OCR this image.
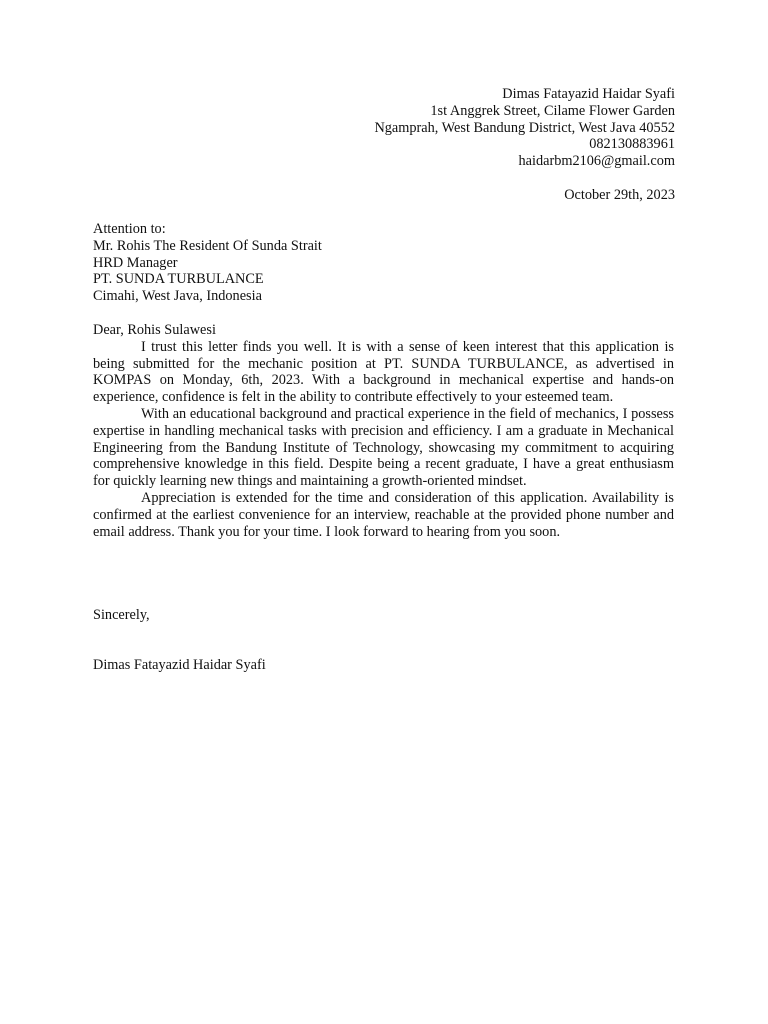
Dimas Fatayazid Haidar Syafi
1st Anggrek Street, Cilame Flower Garden
Ngamprah, West Bandung District, West Java 40552
082130883961
haidarbm2106@gmail.com
October 29th, 2023
Attention to:
Mr. Rohis The Resident Of Sunda Strait
HRD Manager
PT. SUNDA TURBULANCE
Cimahi, West Java, Indonesia
Dear, Rohis Sulawesi

I trust this letter finds you well. It is with a sense of keen interest that this application is being submitted for the mechanic position at PT. SUNDA TURBULANCE, as advertised in KOMPAS on Monday, 6th, 2023. With a background in mechanical expertise and hands-on experience, confidence is felt in the ability to contribute effectively to your esteemed team.

With an educational background and practical experience in the field of mechanics, I possess expertise in handling mechanical tasks with precision and efficiency. I am a graduate in Mechanical Engineering from the Bandung Institute of Technology, showcasing my commitment to acquiring comprehensive knowledge in this field. Despite being a recent graduate, I have a great enthusiasm for quickly learning new things and maintaining a growth-oriented mindset.

Appreciation is extended for the time and consideration of this application. Availability is confirmed at the earliest convenience for an interview, reachable at the provided phone number and email address. Thank you for your time. I look forward to hearing from you soon.

Sincerely,
Dimas Fatayazid Haidar Syafi
